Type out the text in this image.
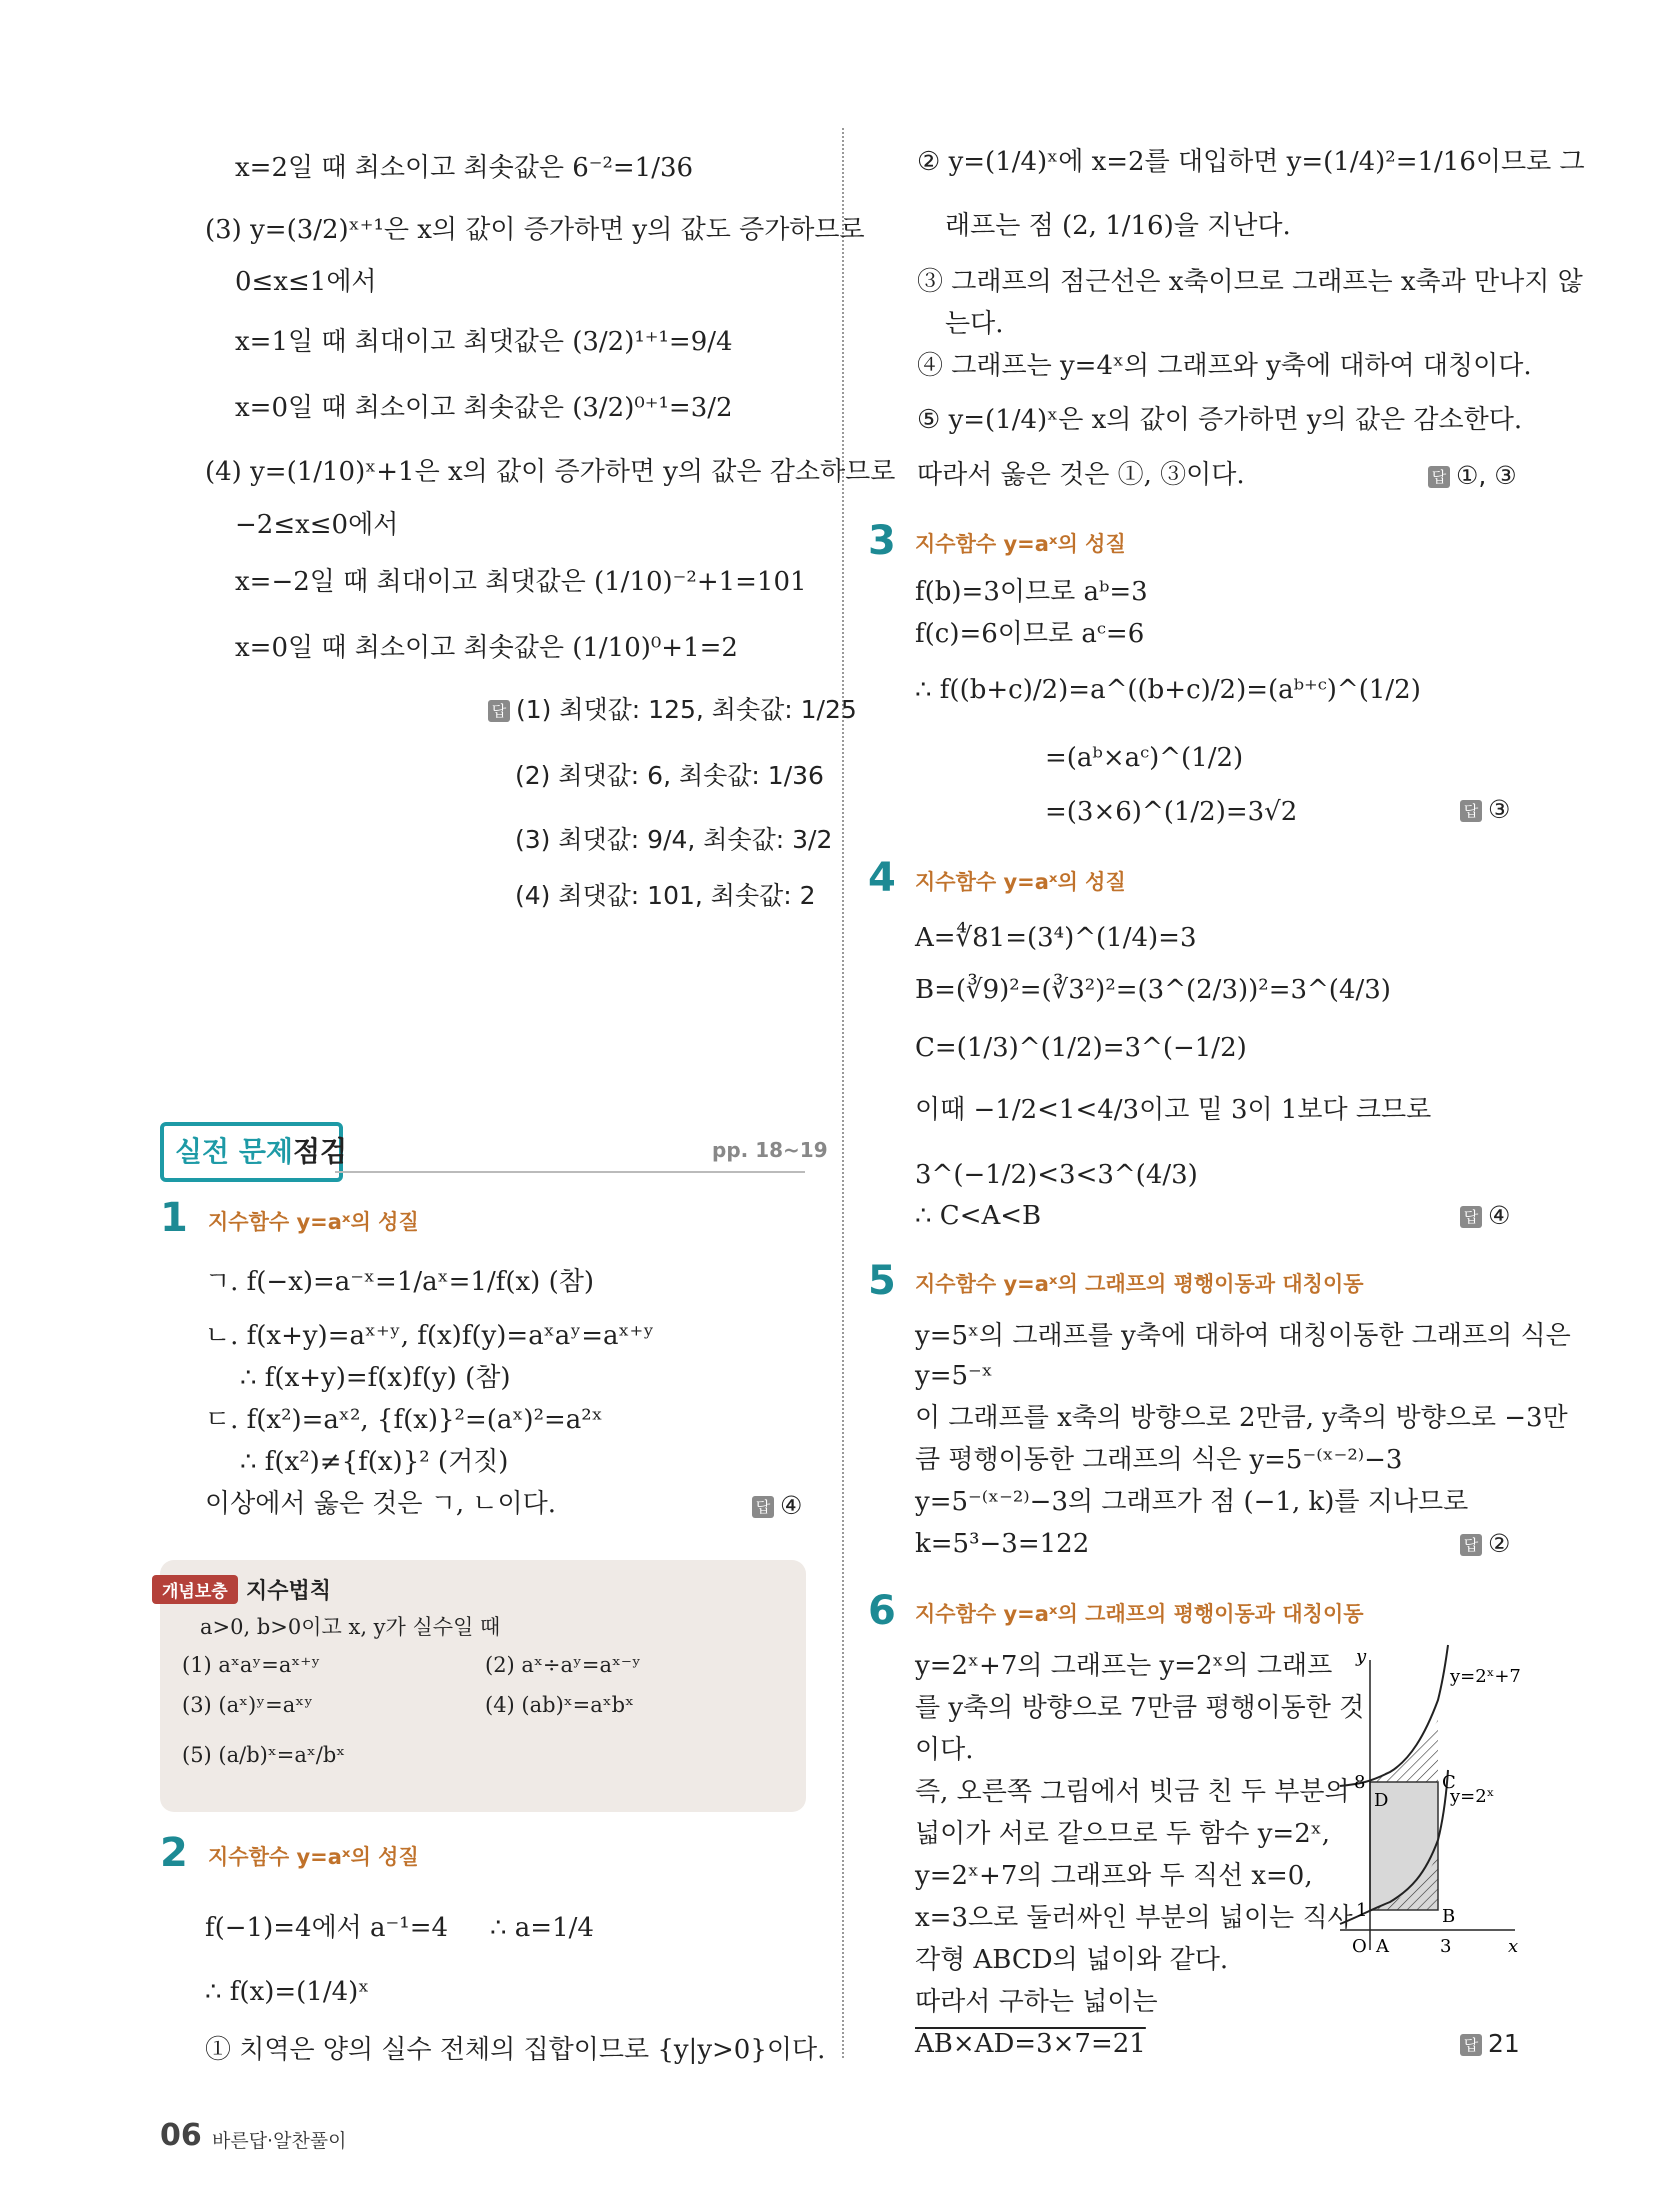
x=2일 때 최소이고 최솟값은 6⁻²=1/36
(3) y=(3/2)ˣ⁺¹은 x의 값이 증가하면 y의 값도 증가하므로
0≤x≤1에서
x=1일 때 최대이고 최댓값은 (3/2)¹⁺¹=9/4
x=0일 때 최소이고 최솟값은 (3/2)⁰⁺¹=3/2
(4) y=(1/10)ˣ+1은 x의 값이 증가하면 y의 값은 감소하므로
−2≤x≤0에서
x=−2일 때 최대이고 최댓값은 (1/10)⁻²+1=101
x=0일 때 최소이고 최솟값은 (1/10)⁰+1=2
답 (1) 최댓값: 125, 최솟값: 1/25
(2) 최댓값: 6, 최솟값: 1/36
(3) 최댓값: 9/4, 최솟값: 3/2
(4) 최댓값: 101, 최솟값: 2
실전 문제점검	pp. 18~19
1 지수함수 y=aˣ의 성질
ㄱ. f(−x)=a⁻ˣ=1/aˣ=1/f(x) (참)
ㄴ. f(x+y)=aˣ⁺ʸ, f(x)f(y)=aˣaʸ=aˣ⁺ʸ
∴ f(x+y)=f(x)f(y) (참)
ㄷ. f(x²)=aˣ², {f(x)}²=(aˣ)²=a²ˣ
∴ f(x²)≠{f(x)}² (거짓)
이상에서 옳은 것은 ㄱ, ㄴ이다.	답 ④
개념보충 지수법칙
a>0, b>0이고 x, y가 실수일 때
(1) aˣaʸ=aˣ⁺ʸ	(2) aˣ÷aʸ=aˣ⁻ʸ
(3) (aˣ)ʸ=aˣʸ	(4) (ab)ˣ=aˣbˣ
(5) (a/b)ˣ=aˣ/bˣ
2 지수함수 y=aˣ의 성질
f(−1)=4에서 a⁻¹=4 ∴ a=1/4
∴ f(x)=(1/4)ˣ
① 치역은 양의 실수 전체의 집합이므로 {y|y>0}이다.
② y=(1/4)ˣ에 x=2를 대입하면 y=(1/4)²=1/16이므로 그
래프는 점 (2, 1/16)을 지난다.
③ 그래프의 점근선은 x축이므로 그래프는 x축과 만나지 않
는다.
④ 그래프는 y=4ˣ의 그래프와 y축에 대하여 대칭이다.
⑤ y=(1/4)ˣ은 x의 값이 증가하면 y의 값은 감소한다.
따라서 옳은 것은 ①, ③이다.	답 ①, ③
3 지수함수 y=aˣ의 성질
f(b)=3이므로 aᵇ=3
f(c)=6이므로 aᶜ=6
∴ f((b+c)/2)=a^((b+c)/2)=(aᵇ⁺ᶜ)^(1/2)
=(aᵇ×aᶜ)^(1/2)
=(3×6)^(1/2)=3√2	답 ③
4 지수함수 y=aˣ의 성질
A=∜81=(3⁴)^(1/4)=3
B=(∛9)²=(∛3²)²=(3^(2/3))²=3^(4/3)
C=(1/3)^(1/2)=3^(−1/2)
이때 −1/2<1<4/3이고 밑 3이 1보다 크므로
3^(−1/2)<3<3^(4/3)
∴ C<A<B	답 ④
5 지수함수 y=aˣ의 그래프의 평행이동과 대칭이동
y=5ˣ의 그래프를 y축에 대하여 대칭이동한 그래프의 식은
y=5⁻ˣ
이 그래프를 x축의 방향으로 2만큼, y축의 방향으로 −3만
큼 평행이동한 그래프의 식은 y=5⁻⁽ˣ⁻²⁾−3
y=5⁻⁽ˣ⁻²⁾−3의 그래프가 점 (−1, k)를 지나므로
k=5³−3=122	답 ②
6 지수함수 y=aˣ의 그래프의 평행이동과 대칭이동
y=2ˣ+7의 그래프는 y=2ˣ의 그래프
를 y축의 방향으로 7만큼 평행이동한 것
이다.
즉, 오른쪽 그림에서 빗금 친 두 부분의
넓이가 서로 같으므로 두 함수 y=2ˣ,
y=2ˣ+7의 그래프와 두 직선 x=0,
x=3으로 둘러싸인 부분의 넓이는 직사
각형 ABCD의 넓이와 같다.
따라서 구하는 넓이는
AB×AD=3×7=21	답 21
y
x
y=2ˣ+7
y=2ˣ
O
8
1
3
A
B
C
D
06 바른답·알찬풀이
